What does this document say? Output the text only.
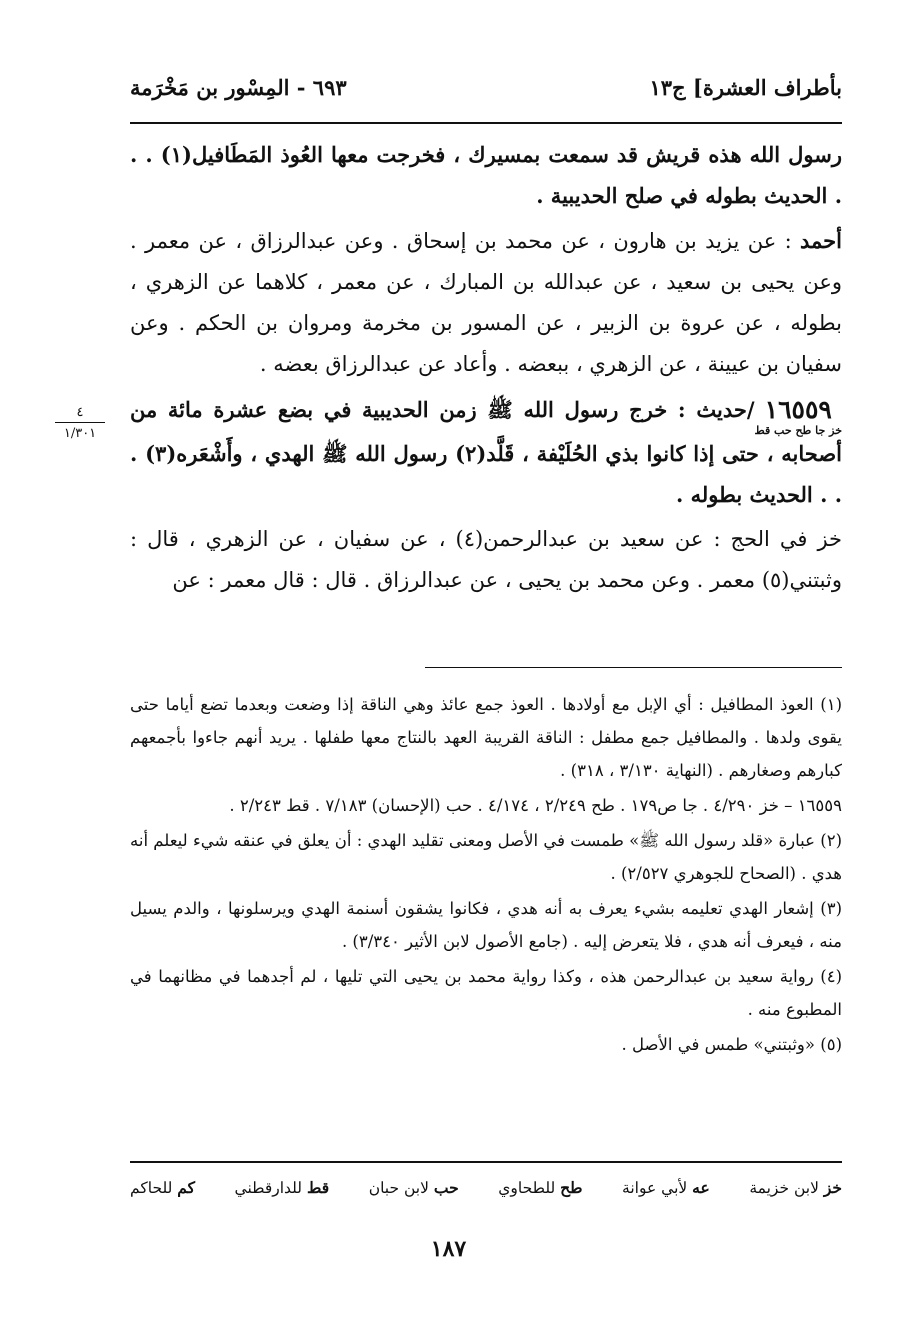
بأطراف العشرة] ج١٣
٦٩٣ - المِسْور بن مَخْرَمة
٤
١/٣٠١

رسول الله هذه قريش قد سمعت بمسيرك ، فخرجت معها العُوذ المَطَافيل(١) . . . الحديث بطوله في صلح الحديبية .

أحمد : عن يزيد بن هارون ، عن محمد بن إسحاق . وعن عبدالرزاق ، عن معمر . وعن يحيى بن سعيد ، عن عبدالله بن المبارك ، عن معمر ، كلاهما عن الزهري ، بطوله ، عن عروة بن الزبير ، عن المسور بن مخرمة ومروان بن الحكم . وعن سفيان بن عيينة ، عن الزهري ، ببعضه . وأعاد عن عبدالرزاق بعضه .

١٦٥٥٩
خز جا طح حب قط
/حديث : خرج رسول الله ﷺ زمن الحديبية في بضع عشرة مائة من أصحابه ، حتى إذا كانوا بذي الحُلَيْفة ، قَلَّد(٢) رسول الله ﷺ الهدي ، وأَشْعَره(٣) . . . الحديث بطوله .

خز في الحج : عن سعيد بن عبدالرحمن(٤) ، عن سفيان ، عن الزهري ، قال : وثبتني(٥) معمر . وعن محمد بن يحيى ، عن عبدالرزاق . قال : قال معمر : عن

(١) العوذ المطافيل : أي الإبل مع أولادها . العوذ جمع عائذ وهي الناقة إذا وضعت وبعدما تضع أياما حتى يقوى ولدها . والمطافيل جمع مطفل : الناقة القريبة العهد بالنتاج معها طفلها . يريد أنهم جاءوا بأجمعهم كبارهم وصغارهم . (النهاية ٣/١٣٠ ، ٣١٨) .

١٦٥٥٩ – خز ٤/٢٩٠ . جا ص١٧٩ . طح ٢/٢٤٩ ، ٤/١٧٤ . حب (الإحسان) ٧/١٨٣ . قط ٢/٢٤٣ .

(٢) عبارة «قلد رسول الله ﷺ» طمست في الأصل ومعنى تقليد الهدي : أن يعلق في عنقه شيء ليعلم أنه هدي . (الصحاح للجوهري ٢/٥٢٧) .

(٣) إشعار الهدي تعليمه بشيء يعرف به أنه هدي ، فكانوا يشقون أسنمة الهدي ويرسلونها ، والدم يسيل منه ، فيعرف أنه هدي ، فلا يتعرض إليه . (جامع الأصول لابن الأثير ٣/٣٤٠) .

(٤) رواية سعيد بن عبدالرحمن هذه ، وكذا رواية محمد بن يحيى التي تليها ، لم أجدهما في مظانهما في المطبوع منه .

(٥) «وثبتني» طمس في الأصل .

خز لابن خزيمة
عه لأبي عوانة
طح للطحاوي
حب لابن حبان
قط للدارقطني
كم للحاكم
١٨٧
